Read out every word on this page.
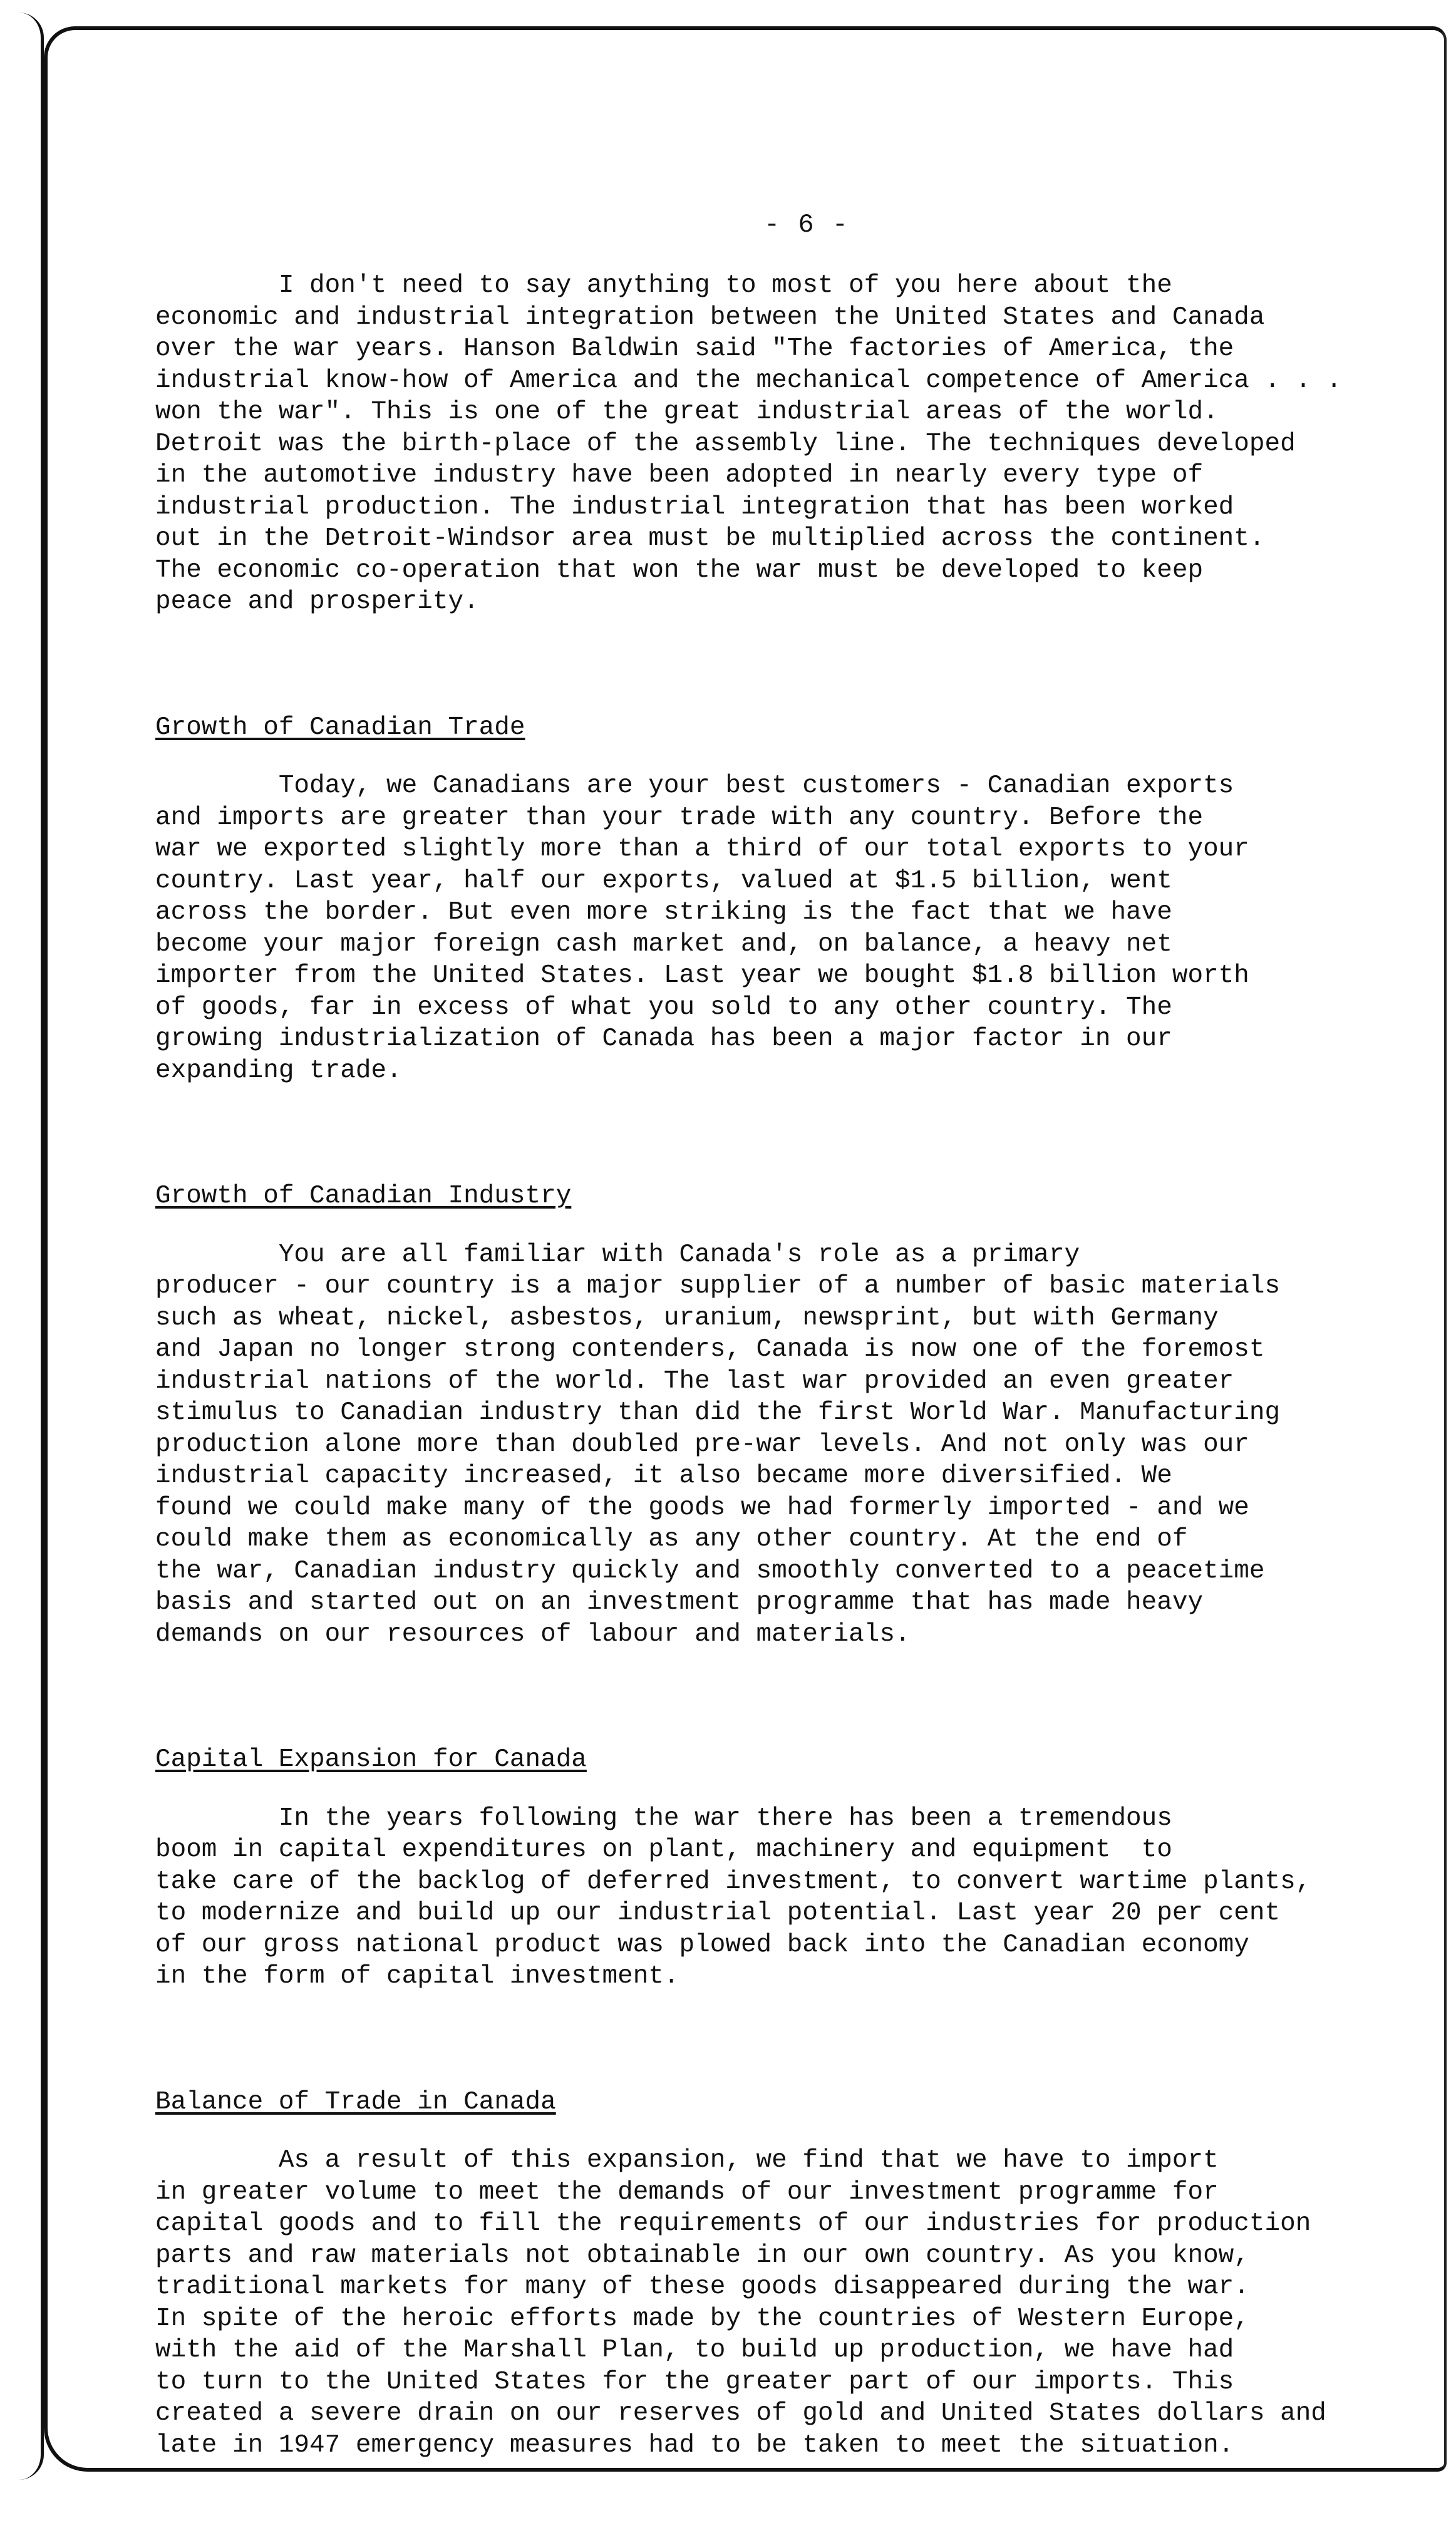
- 6 -
I don't need to say anything to most of you here about the
economic and industrial integration between the United States and Canada
over the war years. Hanson Baldwin said "The factories of America, the
industrial know-how of America and the mechanical competence of America . . .
won the war". This is one of the great industrial areas of the world.
Detroit was the birth-place of the assembly line. The techniques developed
in the automotive industry have been adopted in nearly every type of
industrial production. The industrial integration that has been worked
out in the Detroit-Windsor area must be multiplied across the continent.
The economic co-operation that won the war must be developed to keep
peace and prosperity.
Growth of Canadian Trade
Today, we Canadians are your best customers - Canadian exports
and imports are greater than your trade with any country. Before the
war we exported slightly more than a third of our total exports to your
country. Last year, half our exports, valued at $1.5 billion, went
across the border. But even more striking is the fact that we have
become your major foreign cash market and, on balance, a heavy net
importer from the United States. Last year we bought $1.8 billion worth
of goods, far in excess of what you sold to any other country. The
growing industrialization of Canada has been a major factor in our
expanding trade.
Growth of Canadian Industry
You are all familiar with Canada's role as a primary
producer - our country is a major supplier of a number of basic materials
such as wheat, nickel, asbestos, uranium, newsprint, but with Germany
and Japan no longer strong contenders, Canada is now one of the foremost
industrial nations of the world. The last war provided an even greater
stimulus to Canadian industry than did the first World War. Manufacturing
production alone more than doubled pre-war levels. And not only was our
industrial capacity increased, it also became more diversified. We
found we could make many of the goods we had formerly imported - and we
could make them as economically as any other country. At the end of
the war, Canadian industry quickly and smoothly converted to a peacetime
basis and started out on an investment programme that has made heavy
demands on our resources of labour and materials.
Capital Expansion for Canada
In the years following the war there has been a tremendous
boom in capital expenditures on plant, machinery and equipment  to
take care of the backlog of deferred investment, to convert wartime plants,
to modernize and build up our industrial potential. Last year 20 per cent
of our gross national product was plowed back into the Canadian economy
in the form of capital investment.
Balance of Trade in Canada
As a result of this expansion, we find that we have to import
in greater volume to meet the demands of our investment programme for
capital goods and to fill the requirements of our industries for production
parts and raw materials not obtainable in our own country. As you know,
traditional markets for many of these goods disappeared during the war.
In spite of the heroic efforts made by the countries of Western Europe,
with the aid of the Marshall Plan, to build up production, we have had
to turn to the United States for the greater part of our imports. This
created a severe drain on our reserves of gold and United States dollars and
late in 1947 emergency measures had to be taken to meet the situation.
